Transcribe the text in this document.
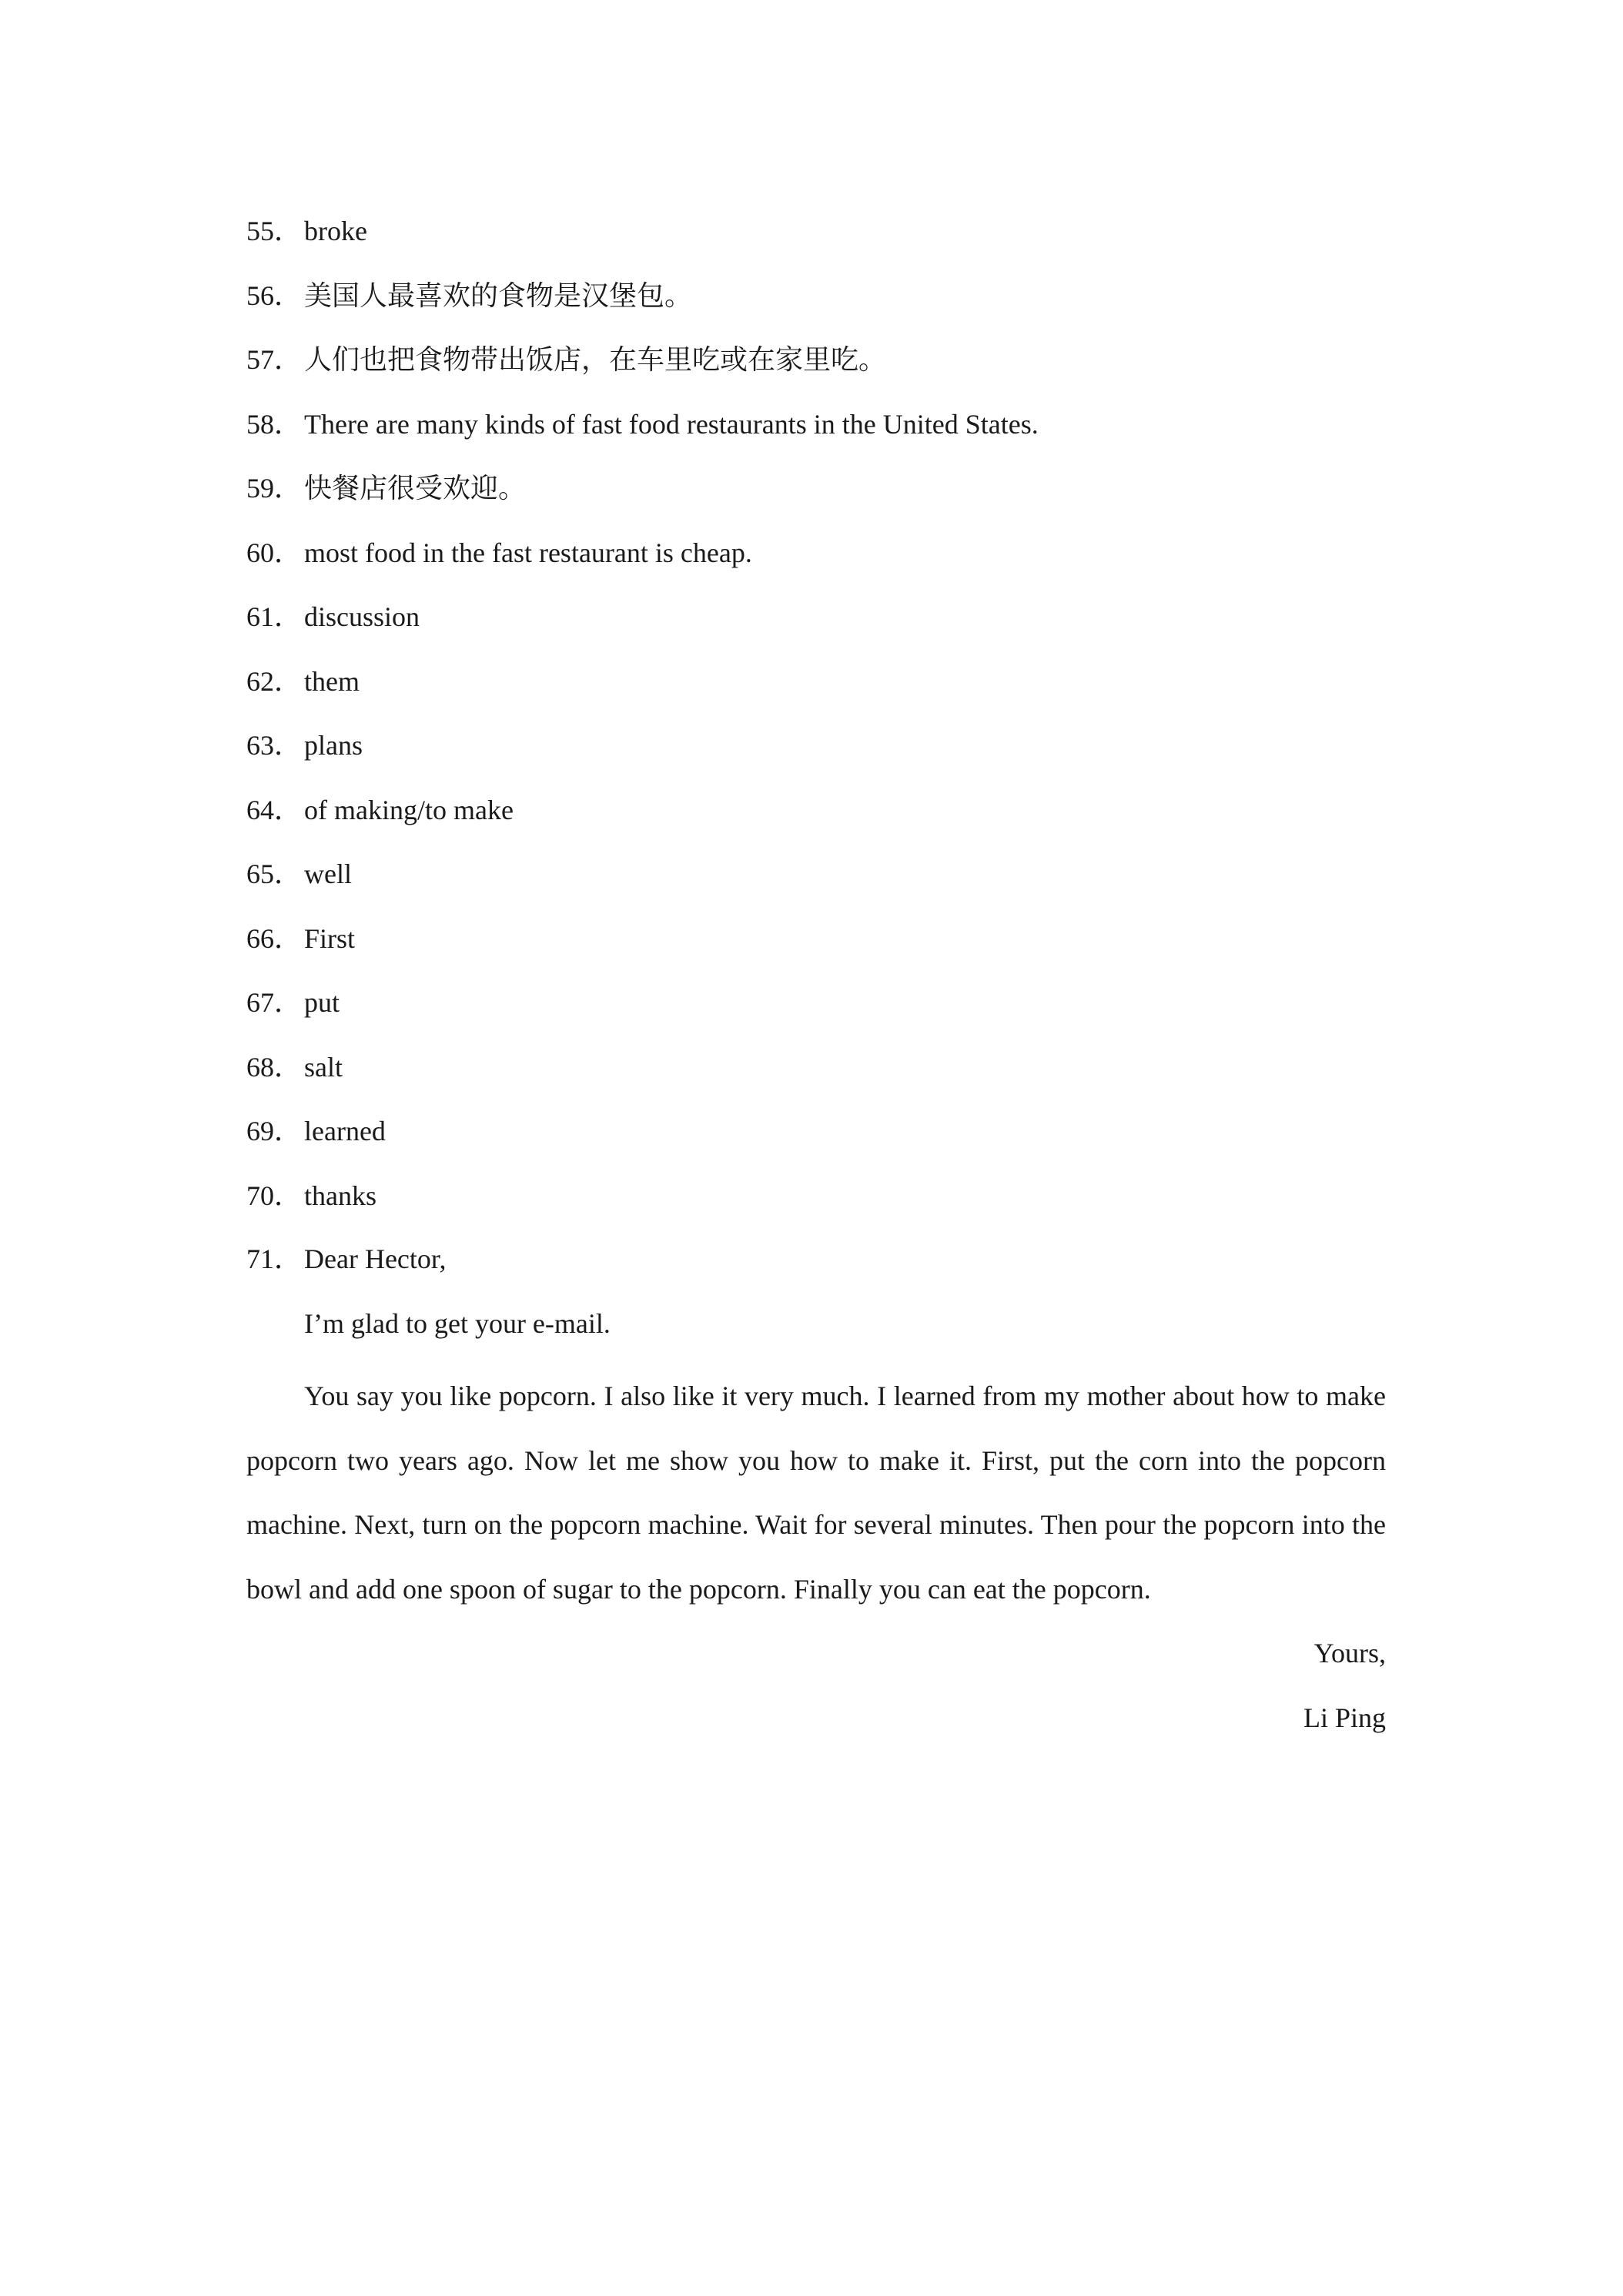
55．broke
56．美国人最喜欢的食物是汉堡包。
57．人们也把食物带出饭店，在车里吃或在家里吃。
58．There are many kinds of fast food restaurants in the United States.
59．快餐店很受欢迎。
60．most food in the fast restaurant is cheap.
61．discussion
62．them
63．plans
64．of making/to make
65．well
66．First
67．put
68．salt
69．learned
70．thanks
71．Dear Hector,
I’m glad to get your e-mail.

You say you like popcorn. I also like it very much. I learned from my mother about how to make popcorn two years ago. Now let me show you how to make it. First, put the corn into the popcorn machine. Next, turn on the popcorn machine. Wait for several minutes. Then pour the popcorn into the bowl and add one spoon of sugar to the popcorn. Finally you can eat the popcorn.

Yours,
Li Ping
